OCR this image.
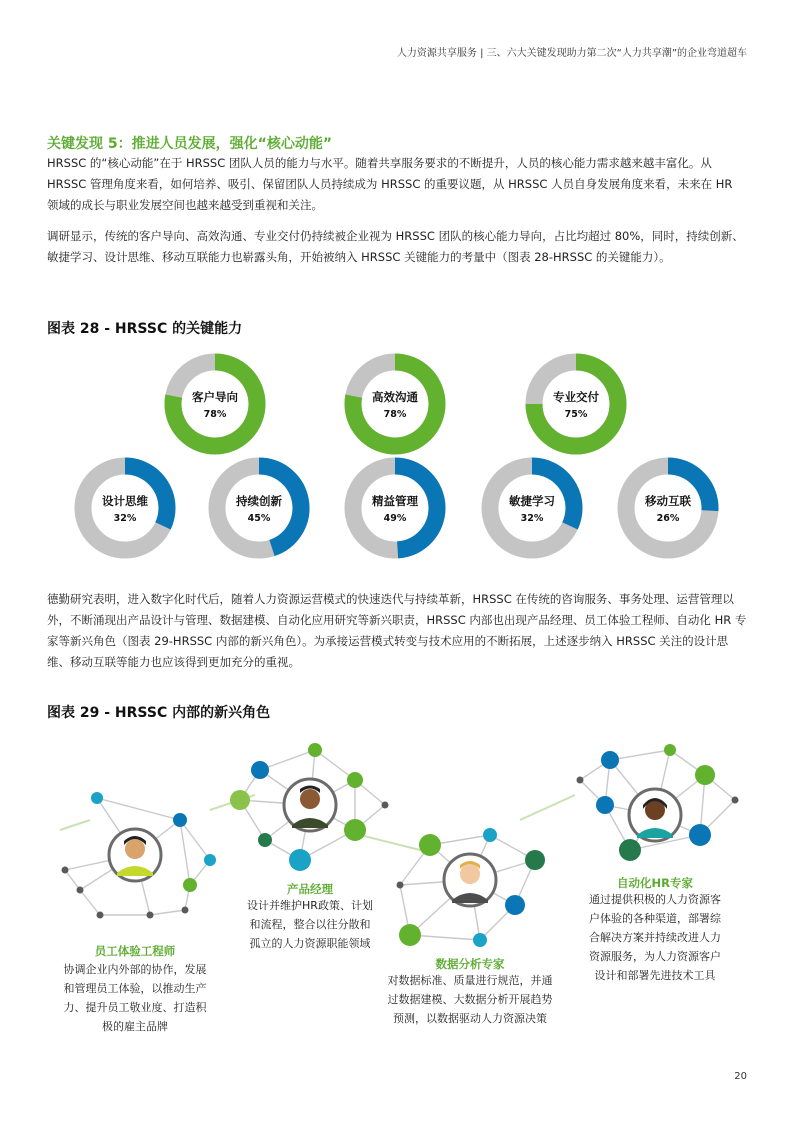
人力资源共享服务 | 三、六大关键发现助力第二次“人力共享潮”的企业弯道超车
关键发现 5：推进人员发展，强化“核心动能”

HRSSC 的“核心动能”在于 HRSSC 团队人员的能力与水平。随着共享服务要求的不断提升，人员的核心能力需求越来越丰富化。从 HRSSC 管理角度来看，如何培养、吸引、保留团队人员持续成为 HRSSC 的重要议题，从 HRSSC 人员自身发展角度来看，未来在 HR 领域的成长与职业发展空间也越来越受到重视和关注。

调研显示，传统的客户导向、高效沟通、专业交付仍持续被企业视为 HRSSC 团队的核心能力导向，占比均超过 80%，同时，持续创新、敏捷学习、设计思维、移动互联能力也崭露头角，开始被纳入 HRSSC 关键能力的考量中（图表 28-HRSSC 的关键能力）。

图表 28 - HRSSC 的关键能力
客户导向
78%
高效沟通
78%
专业交付
75%
设计思维
32%
持续创新
45%
精益管理
49%
敏捷学习
32%
移动互联
26%

德勤研究表明，进入数字化时代后，随着人力资源运营模式的快速迭代与持续革新，HRSSC 在传统的咨询服务、事务处理、运营管理以外，不断涌现出产品设计与管理、数据建模、自动化应用研究等新兴职责，HRSSC 内部也出现产品经理、员工体验工程师、自动化 HR 专家等新兴角色（图表 29-HRSSC 内部的新兴角色）。为承接运营模式转变与技术应用的不断拓展，上述逐步纳入 HRSSC 关注的设计思维、移动互联等能力也应该得到更加充分的重视。

图表 29 - HRSSC 内部的新兴角色
员工体验工程师
协调企业内外部的协作，发展
和管理员工体验，以推动生产
力、提升员工敬业度、打造积
极的雇主品牌
产品经理
设计并维护HR政策、计划
和流程，整合以往分散和
孤立的人力资源职能领域
数据分析专家
对数据标准、质量进行规范，并通
过数据建模、大数据分析开展趋势
预测，以数据驱动人力资源决策
自动化HR专家
通过提供积极的人力资源客
户体验的各种渠道，部署综
合解决方案并持续改进人力
资源服务，为人力资源客户
设计和部署先进技术工具
20
